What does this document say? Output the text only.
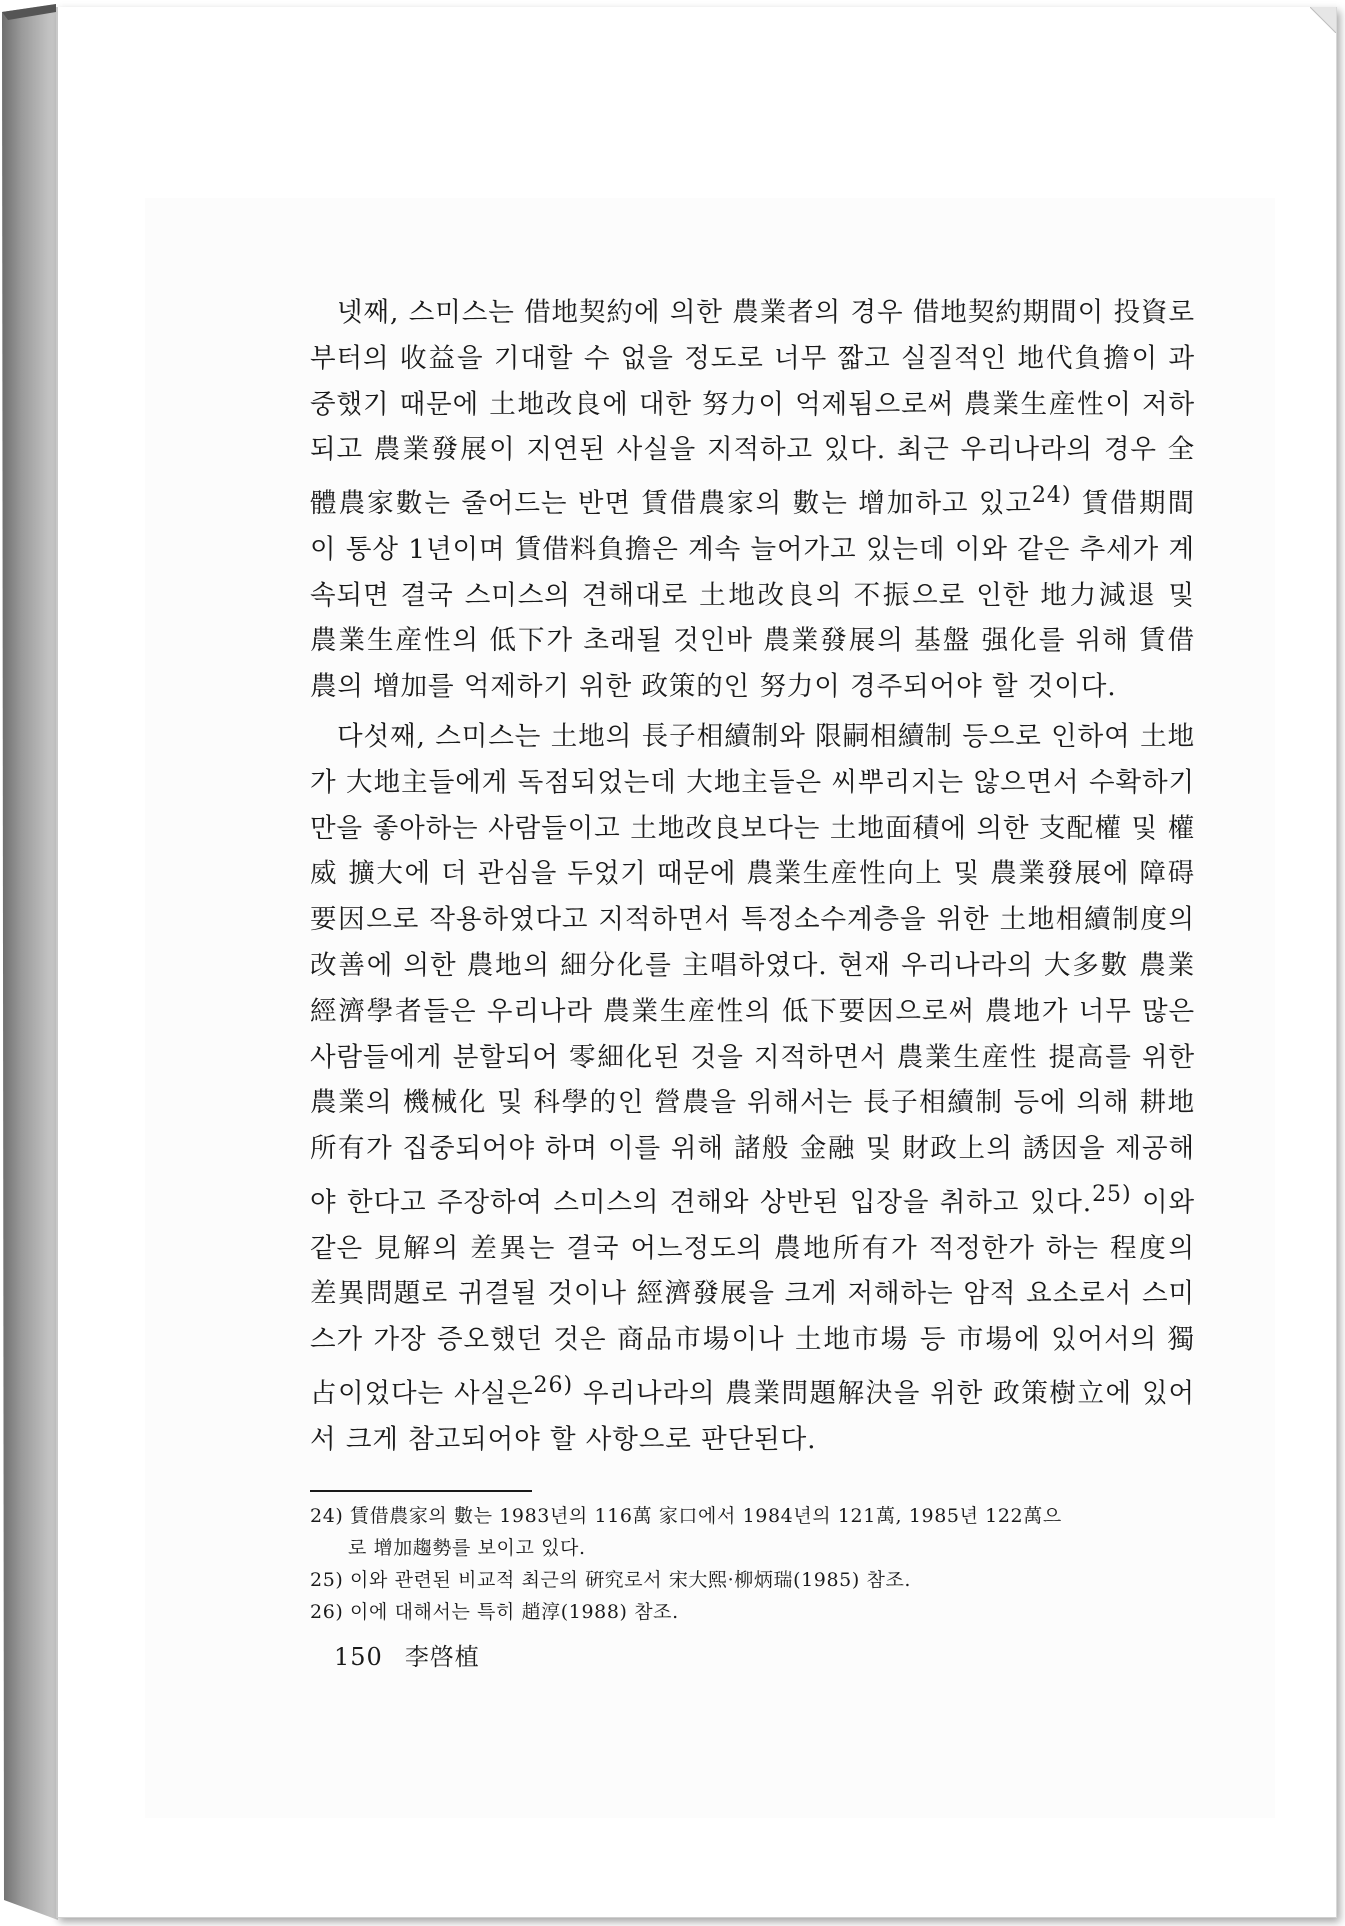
넷째, 스미스는 借地契約에 의한 農業者의 경우 借地契約期間이 投資로부터의 收益을 기대할 수 없을 정도로 너무 짧고 실질적인 地代負擔이 과중했기 때문에 土地改良에 대한 努力이 억제됨으로써 農業生産性이 저하되고 農業發展이 지연된 사실을 지적하고 있다. 최근 우리나라의 경우 全體農家數는 줄어드는 반면 賃借農家의 數는 增加하고 있고$^{24)}$ 賃借期間이 통상 1년이며 賃借料負擔은 계속 늘어가고 있는데 이와 같은 추세가 계속되면 결국 스미스의 견해대로 土地改良의 不振으로 인한 地力減退 및 農業生産性의 低下가 초래될 것인바 農業發展의 基盤 强化를 위해 賃借農의 增加를 억제하기 위한 政策的인 努力이 경주되어야 할 것이다.

다섯째, 스미스는 土地의 長子相續制와 限嗣相續制 등으로 인하여 土地가 大地主들에게 독점되었는데 大地主들은 씨뿌리지는 않으면서 수확하기만을 좋아하는 사람들이고 土地改良보다는 土地面積에 의한 支配權 및 權威 擴大에 더 관심을 두었기 때문에 農業生産性向上 및 農業發展에 障碍要因으로 작용하였다고 지적하면서 특정소수계층을 위한 土地相續制度의 改善에 의한 農地의 細分化를 主唱하였다. 현재 우리나라의 大多數 農業經濟學者들은 우리나라 農業生産性의 低下要因으로써 農地가 너무 많은 사람들에게 분할되어 零細化된 것을 지적하면서 農業生産性 提高를 위한 農業의 機械化 및 科學的인 營農을 위해서는 長子相續制 등에 의해 耕地所有가 집중되어야 하며 이를 위해 諸般 金融 및 財政上의 誘因을 제공해야 한다고 주장하여 스미스의 견해와 상반된 입장을 취하고 있다.$^{25)}$ 이와 같은 見解의 差異는 결국 어느정도의 農地所有가 적정한가 하는 程度의 差異問題로 귀결될 것이나 經濟發展을 크게 저해하는 암적 요소로서 스미스가 가장 증오했던 것은 商品市場이나 土地市場 등 市場에 있어서의 獨占이었다는 사실은$^{26)}$ 우리나라의 農業問題解決을 위한 政策樹立에 있어서 크게 참고되어야 할 사항으로 판단된다.

24) 賃借農家의 數는 1983년의 116萬 家口에서 1984년의 121萬, 1985년 122萬으

로 增加趨勢를 보이고 있다.

25) 이와 관련된 비교적 최근의 硏究로서 宋大熙·柳炳瑞(1985) 참조.

26) 이에 대해서는 특히 趙淳(1988) 참조.

150 李啓植
